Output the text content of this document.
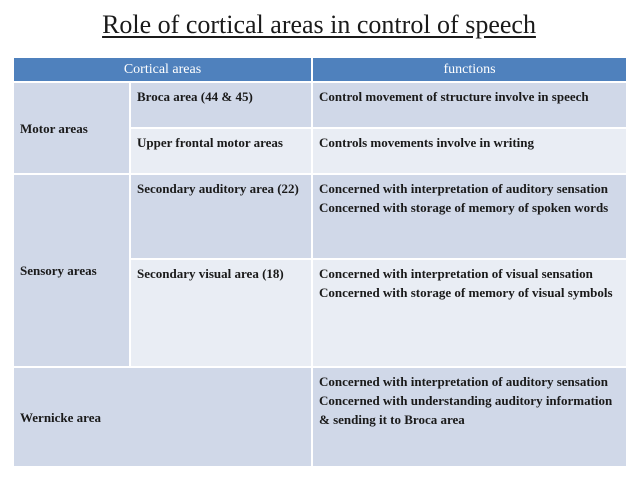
Role of cortical areas in control of speech
Cortical areas		functions
Motor areas	Broca area (44 & 45)	Control movement of structure involve in speech

	Upper frontal motor areas	Controls movements involve in writing

Sensory areas	Secondary auditory area (22)	Concerned with interpretation of auditory sensation
Concerned with storage of memory of spoken words

	Secondary visual area (18)	Concerned with interpretation of visual sensation
Concerned with storage of memory of visual symbols

Wernicke area		Concerned with interpretation of auditory sensation
Concerned with understanding auditory information & sending it to Broca area
